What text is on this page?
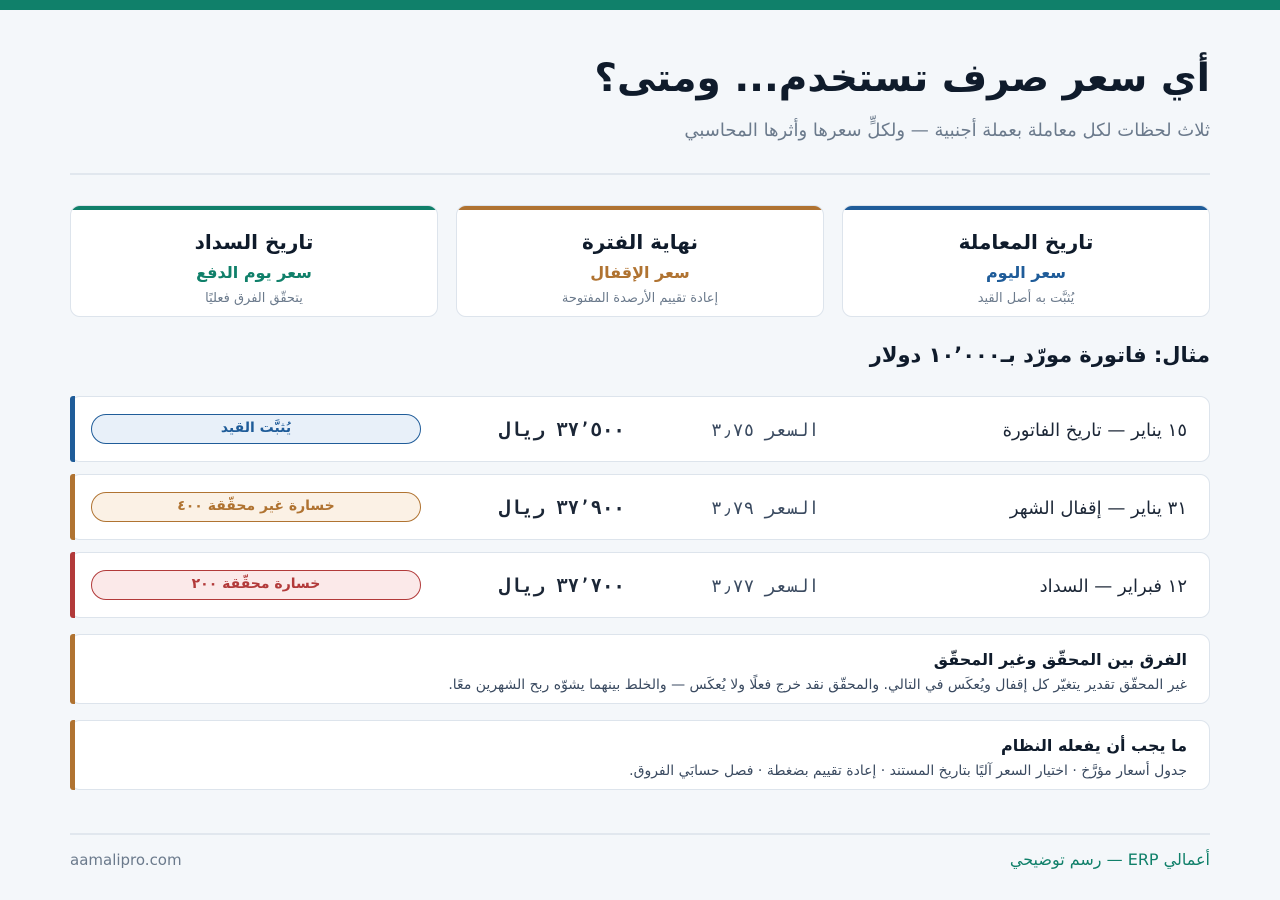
أي سعر صرف تستخدم... ومتى؟
ثلاث لحظات لكل معاملة بعملة أجنبية — ولكلٍّ سعرها وأثرها المحاسبي
تاريخ المعاملة
سعر اليوم
يُثبَّت به أصل القيد
نهاية الفترة
سعر الإقفال
إعادة تقييم الأرصدة المفتوحة
تاريخ السداد
سعر يوم الدفع
يتحقّق الفرق فعليًا
مثال: فاتورة مورّد بـ١٠٬٠٠٠ دولار
١٥ يناير — تاريخ الفاتورة
السعر ٣٫٧٥
٣٧٬٥٠٠ ريال
يُثبَّت القيد
٣١ يناير — إقفال الشهر
السعر ٣٫٧٩
٣٧٬٩٠٠ ريال
خسارة غير محقّقة ٤٠٠
١٢ فبراير — السداد
السعر ٣٫٧٧
٣٧٬٧٠٠ ريال
خسارة محقّقة ٢٠٠
الفرق بين المحقّق وغير المحقّق
غير المحقّق تقدير يتغيّر كل إقفال ويُعكَس في التالي. والمحقّق نقد خرج فعلًا ولا يُعكَس — والخلط بينهما يشوّه ربح الشهرين معًا.
ما يجب أن يفعله النظام
جدول أسعار مؤرَّخ · اختيار السعر آليًا بتاريخ المستند · إعادة تقييم بضغطة · فصل حسابَي الفروق.
أعمالي ERP — رسم توضيحي
aamalipro.com
